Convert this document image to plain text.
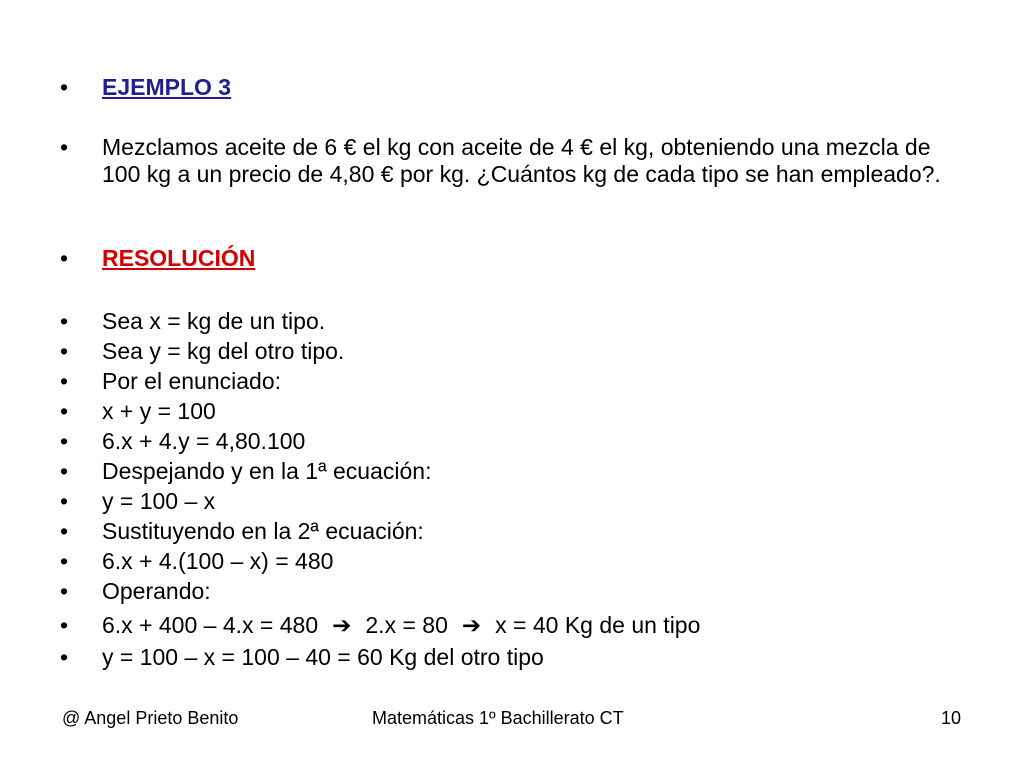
•	EJEMPLO 3
•	Mezclamos aceite de 6 € el kg con aceite de 4 € el kg, obteniendo una mezcla de 100 kg a un precio de 4,80 € por kg. ¿Cuántos kg de cada tipo se han empleado?.
•	RESOLUCIÓN
•	Sea x = kg de un tipo.
•	Sea y = kg del otro tipo.
•	Por el enunciado:
•	x + y = 100
•	6.x + 4.y = 4,80.100
•	Despejando y en la 1ª ecuación:
•	y = 100 – x
•	Sustituyendo en la 2ª ecuación:
•	6.x + 4.(100 – x) = 480
•	Operando:
•	6.x + 400 – 4.x = 480 ➔ 2.x = 80 ➔ x = 40 Kg de un tipo
•	y = 100 – x = 100 – 40 = 60 Kg del otro tipo
@ Angel Prieto Benito	Matemáticas 1º Bachillerato CT	10
